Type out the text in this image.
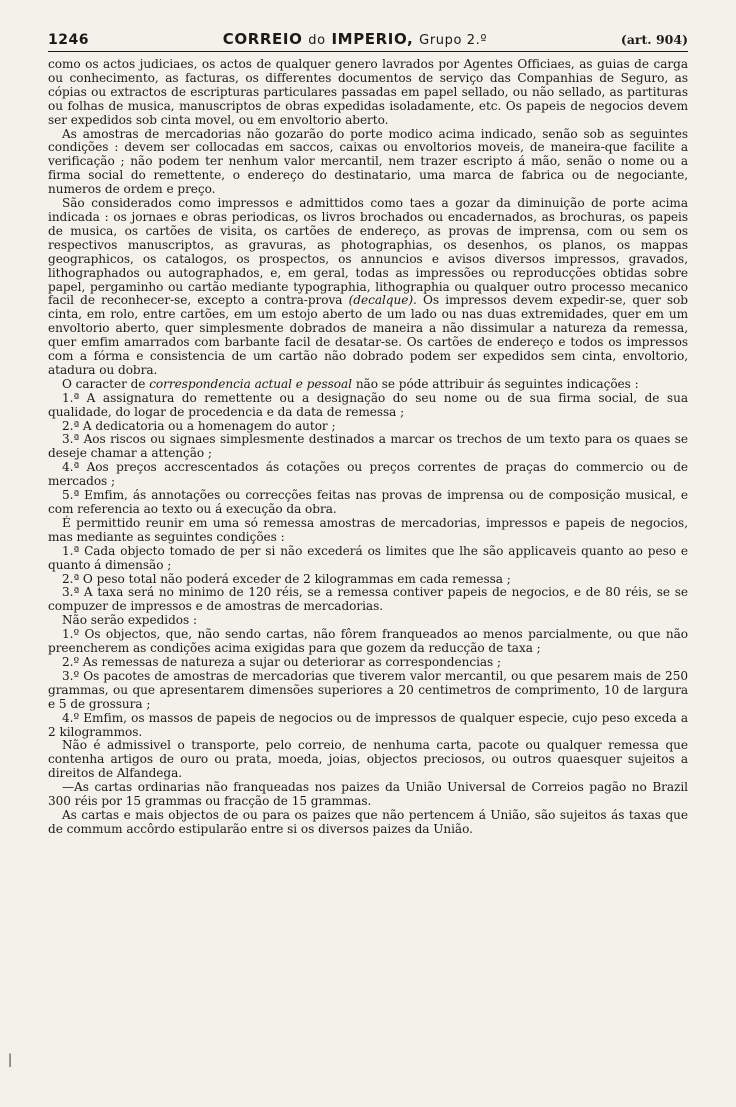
1246	CORREIO do IMPERIO, Grupo 2.º	(art. 904)

como os actos judiciaes, os actos de qualquer genero lavrados por Agentes Officiaes, as guias de carga ou conhecimento, as facturas, os differentes documentos de serviço das Companhias de Seguro, as cópias ou extractos de escripturas particulares passadas em papel sellado, ou não sellado, as partituras ou folhas de musica, manuscriptos de obras expedidas isoladamente, etc. Os papeis de negocios devem ser expedidos sob cinta movel, ou em envoltorio aberto.

As amostras de mercadorias não gozarão do porte modico acima indicado, senão sob as seguintes condições : devem ser collocadas em saccos, caixas ou envoltorios moveis, de maneira-que facilite a verificação ; não podem ter nenhum valor mercantil, nem trazer escripto á mão, senão o nome ou a firma social do remettente, o endereço do destinatario, uma marca de fabrica ou de negociante, numeros de ordem e preço.

São considerados como impressos e admittidos como taes a gozar da diminuição de porte acima indicada : os jornaes e obras periodicas, os livros brochados ou encadernados, as brochuras, os papeis de musica, os cartões de visita, os cartões de endereço, as provas de imprensa, com ou sem os respectivos manuscriptos, as gravuras, as photographias, os desenhos, os planos, os mappas geographicos, os catalogos, os prospectos, os annuncios e avisos diversos impressos, gravados, lithographados ou autographados, e, em geral, todas as impressões ou reproducções obtidas sobre papel, pergaminho ou cartão mediante typographia, lithographia ou qualquer outro processo mecanico facil de reconhecer-se, excepto a contra-prova (decalque). Os impressos devem expedir-se, quer sob cinta, em rolo, entre cartões, em um estojo aberto de um lado ou nas duas extremidades, quer em um envoltorio aberto, quer simplesmente dobrados de maneira a não dissimular a natureza da remessa, quer emfim amarrados com barbante facil de desatar-se. Os cartões de endereço e todos os impressos com a fórma e consistencia de um cartão não dobrado podem ser expedidos sem cinta, envoltorio, atadura ou dobra.

O caracter de correspondencia actual e pessoal não se póde attribuir ás seguintes indicações :

1.ª A assignatura do remettente ou a designação do seu nome ou de sua firma social, de sua qualidade, do logar de procedencia e da data de remessa ;

2.ª A dedicatoria ou a homenagem do autor ;

3.ª Aos riscos ou signaes simplesmente destinados a marcar os trechos de um texto para os quaes se deseje chamar a attenção ;

4.ª Aos preços accrescentados ás cotações ou preços correntes de praças do commercio ou de mercados ;

5.ª Emfim, ás annotações ou correcções feitas nas provas de imprensa ou de composição musical, e com referencia ao texto ou á execução da obra.

É permittido reunir em uma só remessa amostras de mercadorias, impressos e papeis de negocios, mas mediante as seguintes condições :

1.ª Cada objecto tomado de per si não excederá os limites que lhe são applicaveis quanto ao peso e quanto á dimensão ;

2.ª O peso total não poderá exceder de 2 kilogrammas em cada remessa ;

3.ª A taxa será no minimo de 120 réis, se a remessa contiver papeis de negocios, e de 80 réis, se se compuzer de impressos e de amostras de mercadorias.

Não serão expedidos :

1.º Os objectos, que, não sendo cartas, não fôrem franqueados ao menos parcialmente, ou que não preencherem as condições acima exigidas para que gozem da reducção de taxa ;

2.º As remessas de natureza a sujar ou deteriorar as correspondencias ;

3.º Os pacotes de amostras de mercadorias que tiverem valor mercantil, ou que pesarem mais de 250 grammas, ou que apresentarem dimensões superiores a 20 centimetros de comprimento, 10 de largura e 5 de grossura ;

4.º Emfim, os massos de papeis de negocios ou de impressos de qualquer especie, cujo peso exceda a 2 kilogrammos.

Não é admissivel o transporte, pelo correio, de nenhuma carta, pacote ou qualquer remessa que contenha artigos de ouro ou prata, moeda, joias, objectos preciosos, ou outros quaesquer sujeitos a direitos de Alfandega.

—As cartas ordinarias não franqueadas nos paizes da União Universal de Correios pagão no Brazil 300 réis por 15 grammas ou fracção de 15 grammas.

As cartas e mais objectos de ou para os paizes que não pertencem á União, são sujeitos ás taxas que de commum accôrdo estipularão entre si os diversos paizes da União.

ǀ
